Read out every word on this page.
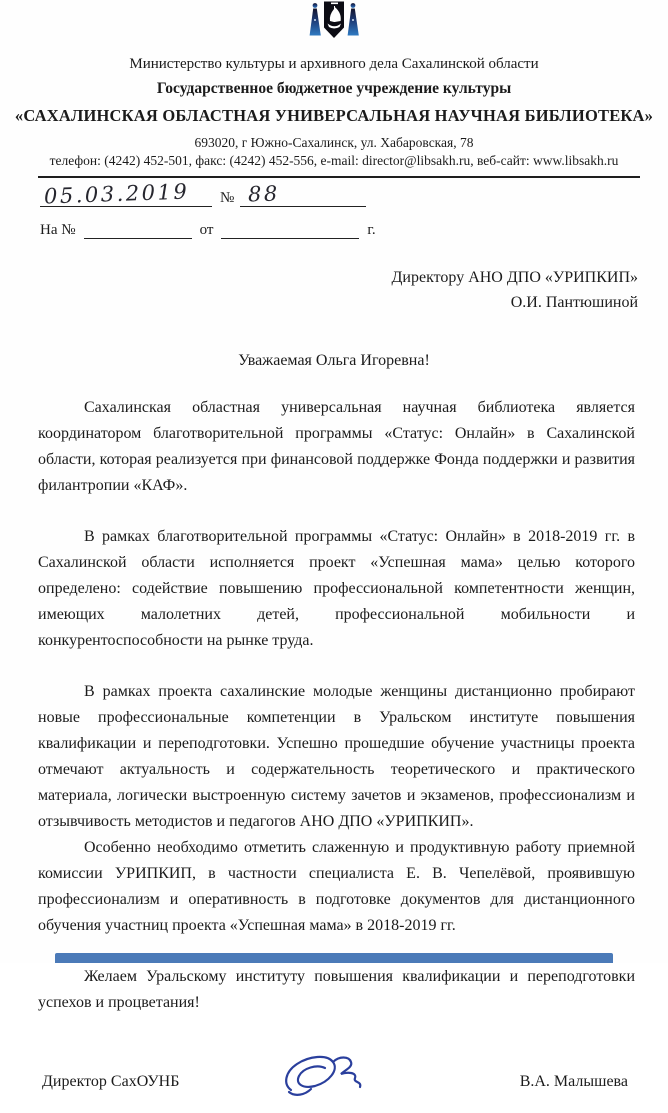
Министерство культуры и архивного дела Сахалинской области
Государственное бюджетное учреждение культуры
«САХАЛИНСКАЯ ОБЛАСТНАЯ УНИВЕРСАЛЬНАЯ НАУЧНАЯ БИБЛИОТЕКА»
693020, г Южно-Сахалинск, ул. Хабаровская, 78
телефон: (4242) 452-501, факс: (4242) 452-556, e-mail: director@libsakh.ru, веб-сайт: www.libsakh.ru
05.03.2019 № 88
На №	от	г.
Директору АНО ДПО «УРИПКИП»
О.И. Пантюшиной
Уважаемая Ольга Игоревна!

Сахалинская областная универсальная научная библиотека является координатором благотворительной программы «Статус: Онлайн» в Сахалинской области, которая реализуется при финансовой поддержке Фонда поддержки и развития филантропии «КАФ».

В рамках благотворительной программы «Статус: Онлайн» в 2018-2019 гг. в Сахалинской области исполняется проект «Успешная мама» целью которого определено: содействие повышению профессиональной компетентности женщин, имеющих малолетних детей, профессиональной мобильности и конкурентоспособности на рынке труда.

В рамках проекта сахалинские молодые женщины дистанционно пробирают новые профессиональные компетенции в Уральском институте повышения квалификации и переподготовки. Успешно прошедшие обучение участницы проекта отмечают актуальность и содержательность теоретического и практического материала, логически выстроенную систему зачетов и экзаменов, профессионализм и отзывчивость методистов и педагогов АНО ДПО «УРИПКИП».

Особенно необходимо отметить слаженную и продуктивную работу приемной комиссии УРИПКИП, в частности специалиста Е. В. Чепелёвой, проявившую профессионализм и оперативность в подготовке документов для дистанционного обучения участниц проекта «Успешная мама» в 2018-2019 гг.

Желаем Уральскому институту повышения квалификации и переподготовки успехов и процветания!

Директор СахОУНБ	В.А. Малышева
